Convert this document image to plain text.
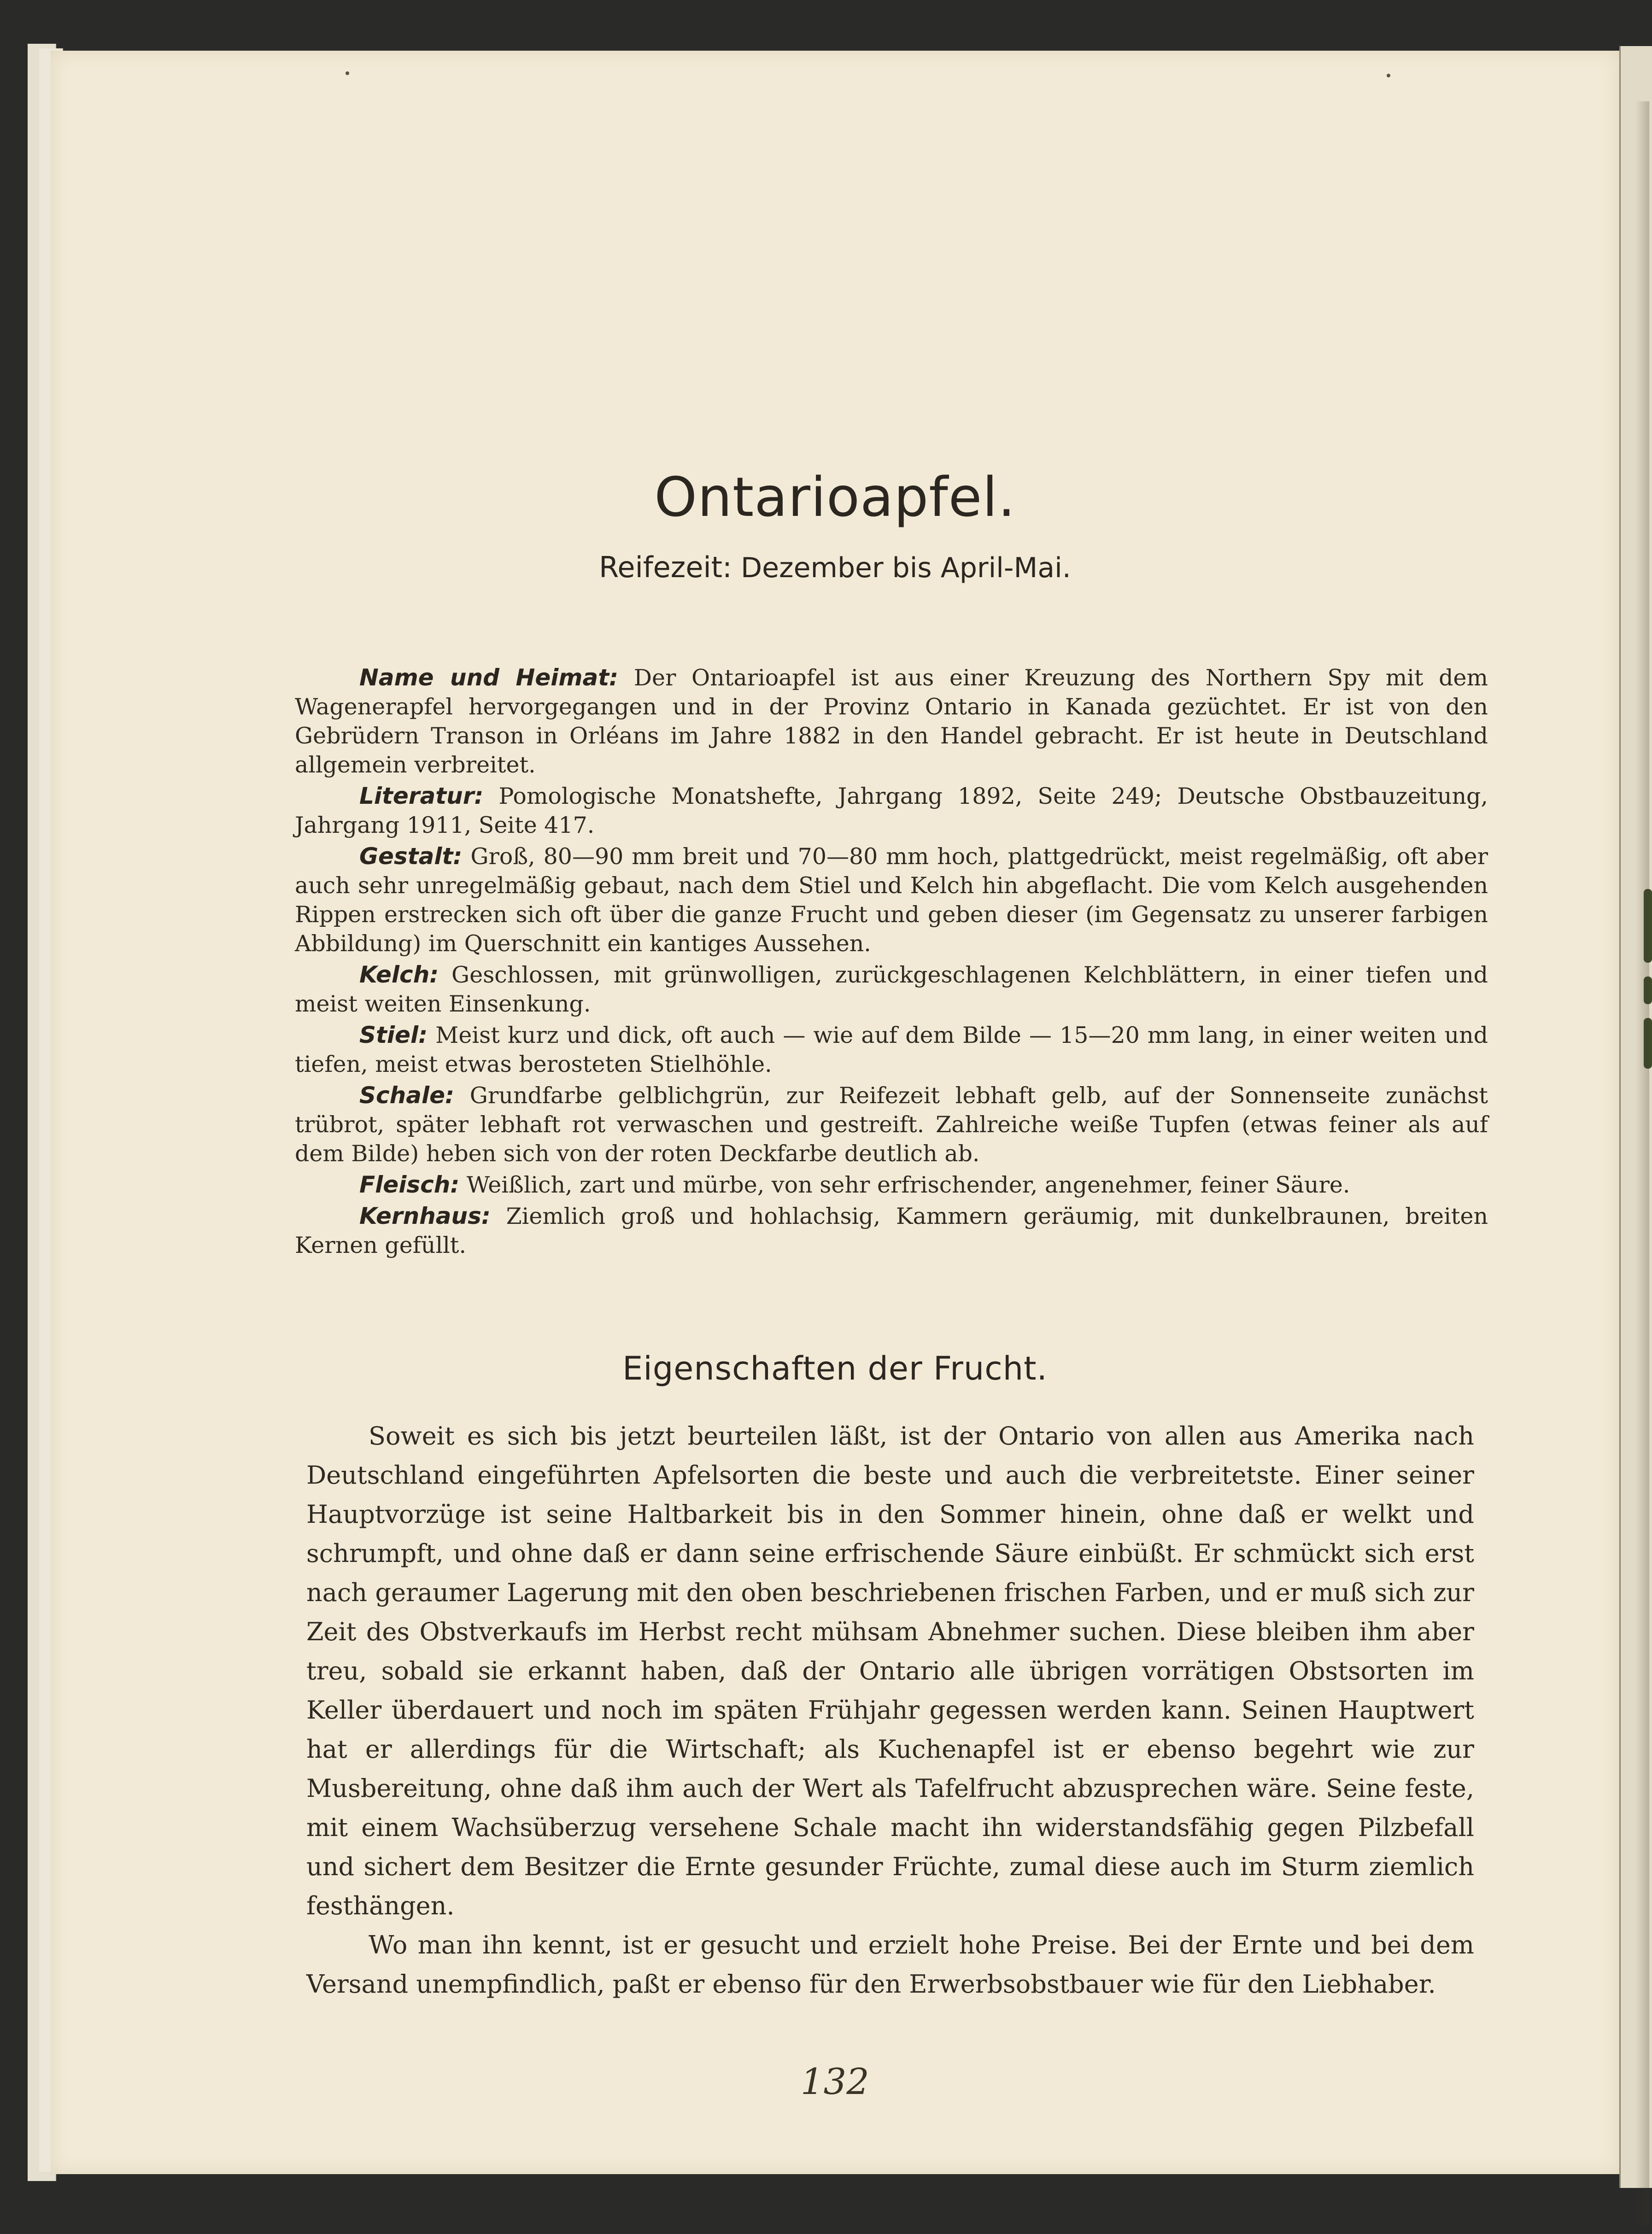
Ontarioapfel.
Reifezeit: Dezember bis April-Mai.

Name und Heimat: Der Ontarioapfel ist aus einer Kreuzung des Northern Spy mit dem Wagenerapfel hervorgegangen und in der Provinz Ontario in Kanada gezüchtet. Er ist von den Gebrüdern Transon in Orléans im Jahre 1882 in den Handel gebracht. Er ist heute in Deutschland allgemein verbreitet.

Literatur: Pomologische Monatshefte, Jahrgang 1892, Seite 249; Deutsche Obstbauzeitung, Jahrgang 1911, Seite 417.

Gestalt: Groß, 80—90 mm breit und 70—80 mm hoch, plattgedrückt, meist regelmäßig, oft aber auch sehr unregelmäßig gebaut, nach dem Stiel und Kelch hin abgeflacht. Die vom Kelch ausgehenden Rippen erstrecken sich oft über die ganze Frucht und geben dieser (im Gegensatz zu unserer farbigen Abbildung) im Querschnitt ein kantiges Aussehen.

Kelch: Geschlossen, mit grünwolligen, zurückgeschlagenen Kelchblättern, in einer tiefen und meist weiten Einsenkung.

Stiel: Meist kurz und dick, oft auch — wie auf dem Bilde — 15—20 mm lang, in einer weiten und tiefen, meist etwas berosteten Stielhöhle.

Schale: Grundfarbe gelblichgrün, zur Reifezeit lebhaft gelb, auf der Sonnenseite zunächst trübrot, später lebhaft rot verwaschen und gestreift. Zahlreiche weiße Tupfen (etwas feiner als auf dem Bilde) heben sich von der roten Deckfarbe deutlich ab.

Fleisch: Weißlich, zart und mürbe, von sehr erfrischender, angenehmer, feiner Säure.

Kernhaus: Ziemlich groß und hohlachsig, Kammern geräumig, mit dunkelbraunen, breiten Kernen gefüllt.

Eigenschaften der Frucht.

Soweit es sich bis jetzt beurteilen läßt, ist der Ontario von allen aus Amerika nach Deutschland eingeführten Apfelsorten die beste und auch die verbreitetste. Einer seiner Hauptvorzüge ist seine Haltbarkeit bis in den Sommer hinein, ohne daß er welkt und schrumpft, und ohne daß er dann seine erfrischende Säure einbüßt. Er schmückt sich erst nach geraumer Lagerung mit den oben beschriebenen frischen Farben, und er muß sich zur Zeit des Obstverkaufs im Herbst recht mühsam Abnehmer suchen. Diese bleiben ihm aber treu, sobald sie erkannt haben, daß der Ontario alle übrigen vorrätigen Obstsorten im Keller überdauert und noch im späten Frühjahr gegessen werden kann. Seinen Hauptwert hat er allerdings für die Wirtschaft; als Kuchenapfel ist er ebenso begehrt wie zur Musbereitung, ohne daß ihm auch der Wert als Tafelfrucht abzusprechen wäre. Seine feste, mit einem Wachsüberzug versehene Schale macht ihn widerstandsfähig gegen Pilzbefall und sichert dem Besitzer die Ernte gesunder Früchte, zumal diese auch im Sturm ziemlich festhängen.

Wo man ihn kennt, ist er gesucht und erzielt hohe Preise. Bei der Ernte und bei dem Versand unempfindlich, paßt er ebenso für den Erwerbsobstbauer wie für den Liebhaber.

132
